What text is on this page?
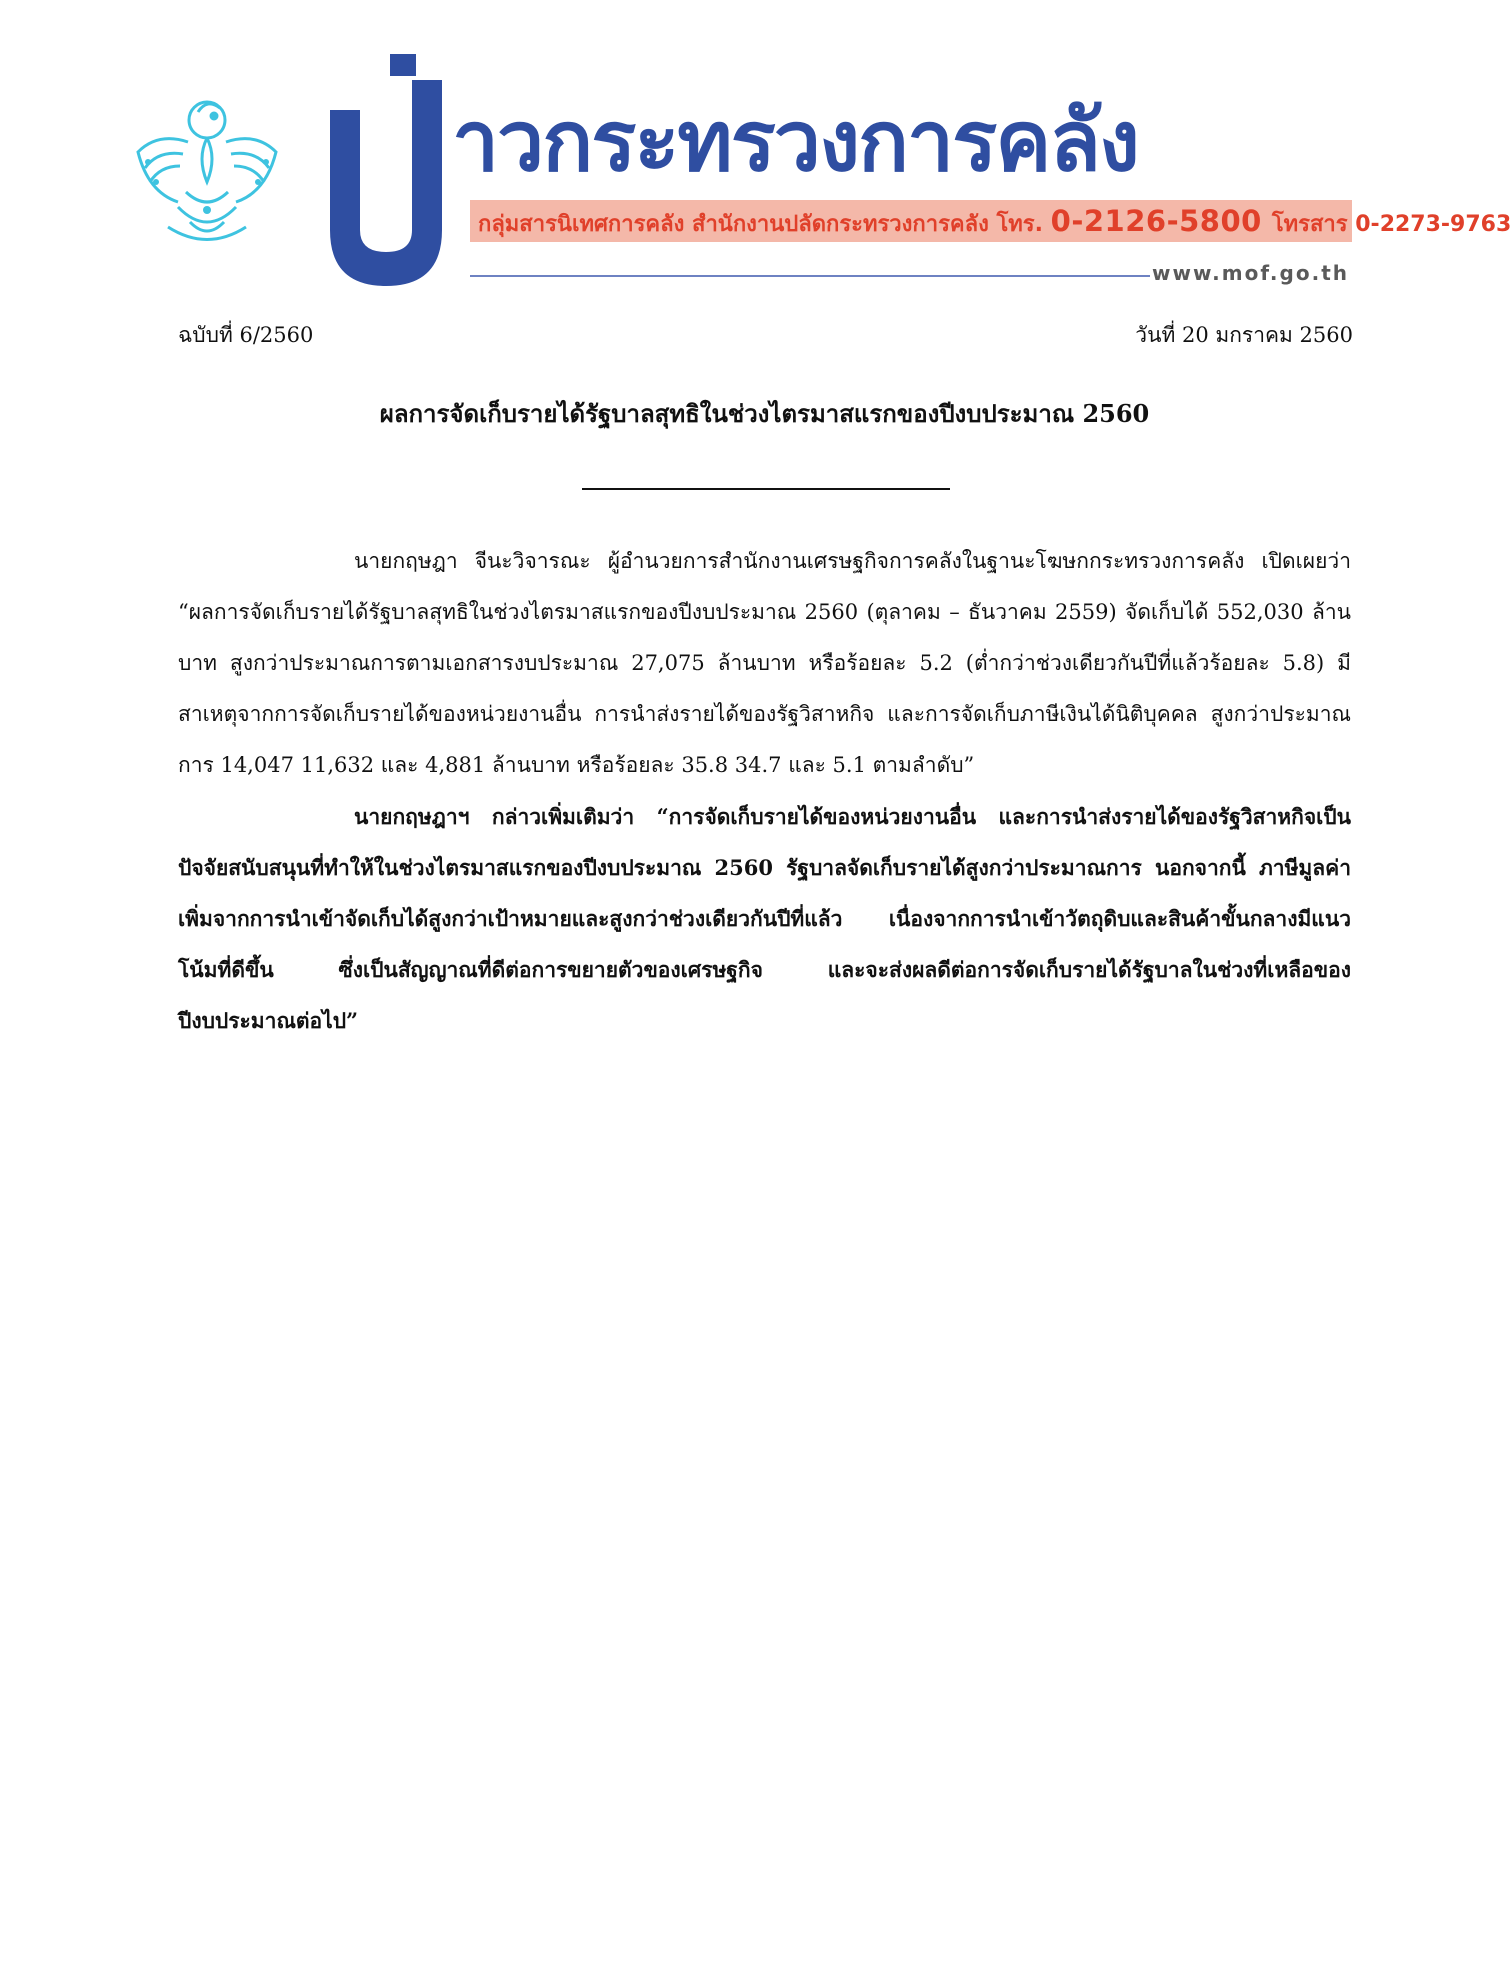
าวกระทรวงการคลัง
กลุ่มสารนิเทศการคลัง สำนักงานปลัดกระทรวงการคลัง โทร. 0-2126-5800 โทรสาร 0-2273-9763
www.mof.go.th
ฉบับที่ 6/2560	วันที่ 20 มกราคม 2560
ผลการจัดเก็บรายได้รัฐบาลสุทธิในช่วงไตรมาสแรกของปีงบประมาณ 2560

นายกฤษฎา จีนะวิจารณะ ผู้อำนวยการสำนักงานเศรษฐกิจการคลังในฐานะโฆษกกระทรวงการคลัง เปิดเผยว่า “ผลการจัดเก็บรายได้รัฐบาลสุทธิในช่วงไตรมาสแรกของปีงบประมาณ 2560 (ตุลาคม – ธันวาคม 2559) จัดเก็บได้ 552,030 ล้านบาท สูงกว่าประมาณการตามเอกสารงบประมาณ 27,075 ล้านบาท หรือร้อยละ 5.2 (ต่ำกว่าช่วงเดียวกันปีที่แล้วร้อยละ 5.8) มีสาเหตุจากการจัดเก็บรายได้ของหน่วยงานอื่น การนำส่งรายได้ของรัฐวิสาหกิจ และการจัดเก็บภาษีเงินได้นิติบุคคล สูงกว่าประมาณการ 14,047 11,632 และ 4,881 ล้านบาท หรือร้อยละ 35.8 34.7 และ 5.1 ตามลำดับ”

นายกฤษฎาฯ กล่าวเพิ่มเติมว่า “การจัดเก็บรายได้ของหน่วยงานอื่น และการนำส่งรายได้ของรัฐวิสาหกิจเป็นปัจจัยสนับสนุนที่ทำให้ในช่วงไตรมาสแรกของปีงบประมาณ 2560 รัฐบาลจัดเก็บรายได้สูงกว่าประมาณการ นอกจากนี้ ภาษีมูลค่าเพิ่มจากการนำเข้าจัดเก็บได้สูงกว่าเป้าหมายและสูงกว่าช่วงเดียวกันปีที่แล้ว เนื่องจากการนำเข้าวัตถุดิบและสินค้าขั้นกลางมีแนวโน้มที่ดีขึ้น ซึ่งเป็นสัญญาณที่ดีต่อการขยายตัวของเศรษฐกิจ และจะส่งผลดีต่อการจัดเก็บรายได้รัฐบาลในช่วงที่เหลือของปีงบประมาณต่อไป”
